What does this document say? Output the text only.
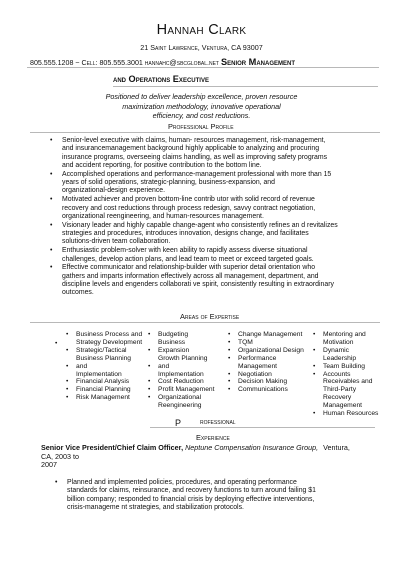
Hannah Clark
21 Saint Lawrence, Ventura, CA 93007
805.555.1208 ~ Cell: 805.555.3001 hannahc@sbcglobal.net Senior Management
and Operations Executive
Positioned to deliver leadership excellence, proven resource
maximization methodology, innovative operational
efficiency, and cost reductions.
Professional Profile
• Senior-level executive with claims, human- resources management, risk-management,
and insurancemanagement background highly applicable to analyzing and procuring
insurance programs, overseeing claims handling, as well as improving safety programs
and accident reporting, for positive contribution to the bottom line.
• Accomplished operations and performance-management professional with more than 15
years of solid operations, strategic-planning, business-expansion, and
organizational-design experience.
• Motivated achiever and proven bottom-line contrib utor with solid record of revenue
recovery and cost reductions through process redesign, savvy contract negotiation,
organizational reengineering, and human-resources management.
• Visionary leader and highly capable change-agent who consistently refines an d revitalizes
strategies and procedures, introduces innovation, designs change, and facilitates
solutions-driven team collaboration.
• Enthusiastic problem-solver with keen ability to rapidly assess diverse situational
challenges, develop action plans, and lead team to meet or exceed targeted goals.
• Effective communicator and relationship-builder with superior detail orientation who
gathers and imparts information effectively across all management, department, and
discipline levels and engenders collaborati ve spirit, consistently resulting in extraordinary
outcomes.
Areas of Expertise
• Business Process and
Strategy Development
• Strategic/Tactical
Business Planning
• and
Implementation
• Financial Analysis
• Financial Planning
• Risk Management
•
• Budgeting
Business
• Expansion
Growth Planning
• and
Implementation
• Cost Reduction
• Profit Management
• Organizational
Reengineering
• Change Management
• TQM
• Organizational Design
• Performance
Management
• Negotiation
• Decision Making
• Communications
• Mentoring and
Motivation
• Dynamic
Leadership
• Team Building
• Accounts
Receivables and
Third-Party
Recovery
Management
• Human Resources
P	rofessional
Experience
Senior Vice President/Chief Claim Officer, Neptune Compensation Insurance Group, Ventura,
CA, 2003 to
2007
• Planned and implemented policies, procedures, and operating performance
standards for claims, reinsurance, and recovery functions to turn around failing $1
billion company; responded to financial crisis by deploying effective interventions,
crisis-manageme nt strategies, and stabilization protocols.
